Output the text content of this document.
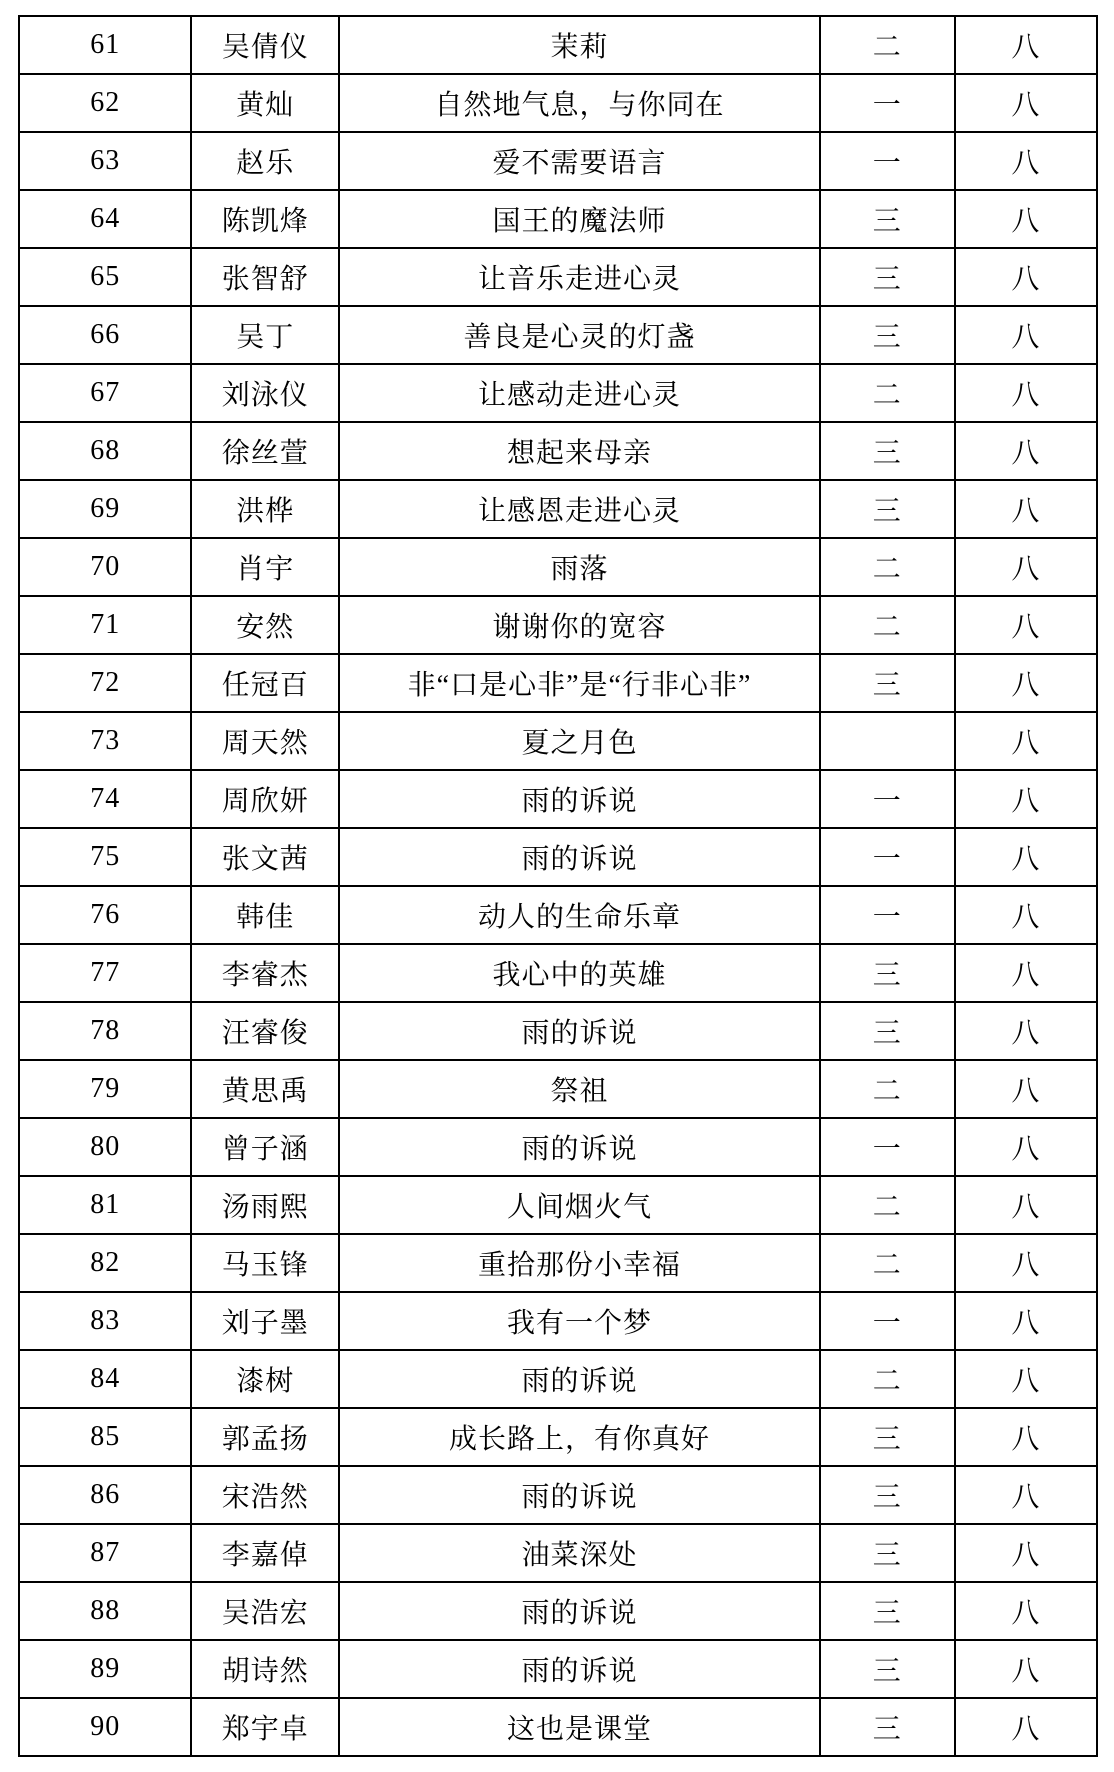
61	吴倩仪	茉莉	二	八
62	黄灿	自然地气息，与你同在	一	八
63	赵乐	爱不需要语言	一	八
64	陈凯烽	国王的魔法师	三	八
65	张智舒	让音乐走进心灵	三	八
66	吴丁	善良是心灵的灯盏	三	八
67	刘泳仪	让感动走进心灵	二	八
68	徐丝萱	想起来母亲	三	八
69	洪桦	让感恩走进心灵	三	八
70	肖宇	雨落	二	八
71	安然	谢谢你的宽容	二	八
72	任冠百	非“口是心非”是“行非心非”	三	八
73	周天然	夏之月色		八
74	周欣妍	雨的诉说	一	八
75	张文茜	雨的诉说	一	八
76	韩佳	动人的生命乐章	一	八
77	李睿杰	我心中的英雄	三	八
78	汪睿俊	雨的诉说	三	八
79	黄思禹	祭祖	二	八
80	曾子涵	雨的诉说	一	八
81	汤雨熙	人间烟火气	二	八
82	马玉锋	重拾那份小幸福	二	八
83	刘子墨	我有一个梦	一	八
84	漆树	雨的诉说	二	八
85	郭孟扬	成长路上，有你真好	三	八
86	宋浩然	雨的诉说	三	八
87	李嘉倬	油菜深处	三	八
88	吴浩宏	雨的诉说	三	八
89	胡诗然	雨的诉说	三	八
90	郑宇卓	这也是课堂	三	八
